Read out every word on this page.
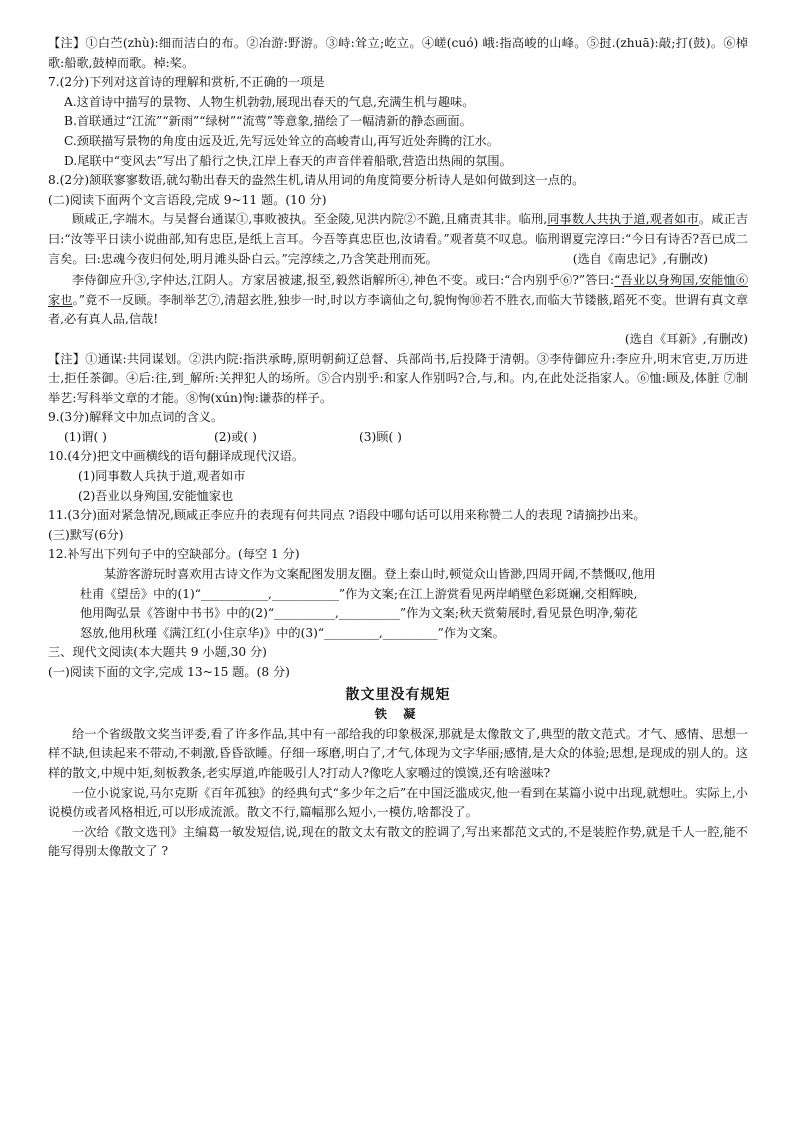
【注】①白苎(zhù):细而洁白的布。②冶游:野游。③峙:耸立;屹立。④嵯(cuó) 峨:指高峻的山峰。⑤挝.(zhuā):敲;打(鼓)。⑥棹歌:船歌,鼓棹而歌。棹:桨。

7.(2分)下列对这首诗的理解和赏析,不正确的一项是

A.这首诗中描写的景物、人物生机勃勃,展现出春天的气息,充满生机与趣味。

B.首联通过“江流”“新雨”“绿树”“流莺”等意象,描绘了一幅清新的静态画面。

C.颈联描写景物的角度由远及近,先写远处耸立的高峻青山,再写近处奔腾的江水。

D.尾联中“变风去”写出了船行之快,江岸上春天的声音伴着船歌,营造出热闹的氛围。

8.(2分)颔联寥寥数语,就勾勒出春天的盎然生机,请从用词的角度简要分析诗人是如何做到这一点的。

(二)阅读下面两个文言语段,完成 9~11 题。(10 分)

顾咸正,字端木。与吴督台通谋①,事败被执。至金陵,见洪内院②不跪,且痛责其非。临刑,同事数人共执于道,观者如市。咸正吉曰:“汝等平日读小说曲部,知有忠臣,是纸上言耳。今吾等真忠臣也,汝请看。”观者莫不叹息。临刑谓夏完淳曰:“今日有诗否?吾已成二言矣。曰:忠魂今夜归何处,明月滩头卧白云。”完淳续之,乃含笑赴刑而死。	(选自《南忠记》,有删改)

李侍御应升③,字仲达,江阴人。方家居被逮,报至,毅然诣解所④,神色不变。或曰:“合内别乎⑥?”答曰:“吾业以身殉国,安能恤⑥家也。”竟不一反顾。李制举艺⑦,清超玄胜,独步一时,时以方李谪仙之句,貌恂恂⑩若不胜衣,而临大节镂骸,蹈死不变。世谓有真文章者,必有真人品,信哉!

(选自《耳新》,有删改)

【注】①通谋:共同谋划。②洪内院:指洪承畴,原明朝蓟辽总督、兵部尚书,后投降于清朝。③李侍御应升:李应升,明末官吏,万历进士,拒任茶御。④后:往,到_解所:关押犯人的场所。⑤合内别乎:和家人作别吗?合,与,和。内,在此处泛指家人。⑥恤:顾及,体脏 ⑦制举艺:写科举文章的才能。⑧恂(xún)恂:谦恭的样子。

9.(3分)解释文中加点词的含义。

(1)谓( )	(2)或( )	(3)顾( )

10.(4分)把文中画横线的语句翻译成现代汉语。

(1)同事数人兵执于道,观者如市

(2)吾业以身殉国,安能恤家也

11.(3分)面对紧急情况,顾咸正李应升的表现有何共同点 ?语段中哪句话可以用来称赞二人的表现 ?请摘抄出来。

(三)默写(6分)

12.补写出下列句子中的空缺部分。(每空 1 分)

某游客游玩时喜欢用古诗文作为文案配图发朋友圈。登上泰山时,顿觉众山皆渺,四周开阔,不禁慨叹,他用

杜甫《望岳》中的(1)“___________,___________”作为文案;在江上游赏看见两岸峭壁色彩斑斓,交相辉映,

他用陶弘景《答谢中书书》中的(2)“__________,__________”作为文案;秋天赏菊展时,看见景色明净,菊花

怒放,他用秋瑾《满江红(小住京华)》中的(3)“_________,_________”作为文案。

三、现代文阅读(本大题共 9 小题,30 分)

(一)阅读下面的文字,完成 13~15 题。(8 分)

散文里没有规矩

铁 凝

给一个省级散文奖当评委,看了许多作品,其中有一部给我的印象极深,那就是太像散文了,典型的散文范式。才气、感情、思想一样不缺,但读起来不带动,不刺激,昏昏欲睡。仔细一琢磨,明白了,才气,体现为文字华丽;感情,是大众的体验;思想,是现成的别人的。这样的散文,中规中矩,刻板教条,老实厚道,咋能吸引人?打动人?像吃人家嚼过的馍馍,还有啥滋味?

一位小说家说,马尔克斯《百年孤独》的经典句式“多少年之后”在中国泛滥成灾,他一看到在某篇小说中出现,就想吐。实际上,小说模仿或者风格相近,可以形成流派。散文不行,篇幅那么短小,一模仿,啥都没了。

一次给《散文选刊》主编葛一敏发短信,说,现在的散文太有散文的腔调了,写出来都范文式的,不是装腔作势,就是千人一腔,能不能写得别太像散文了 ?
